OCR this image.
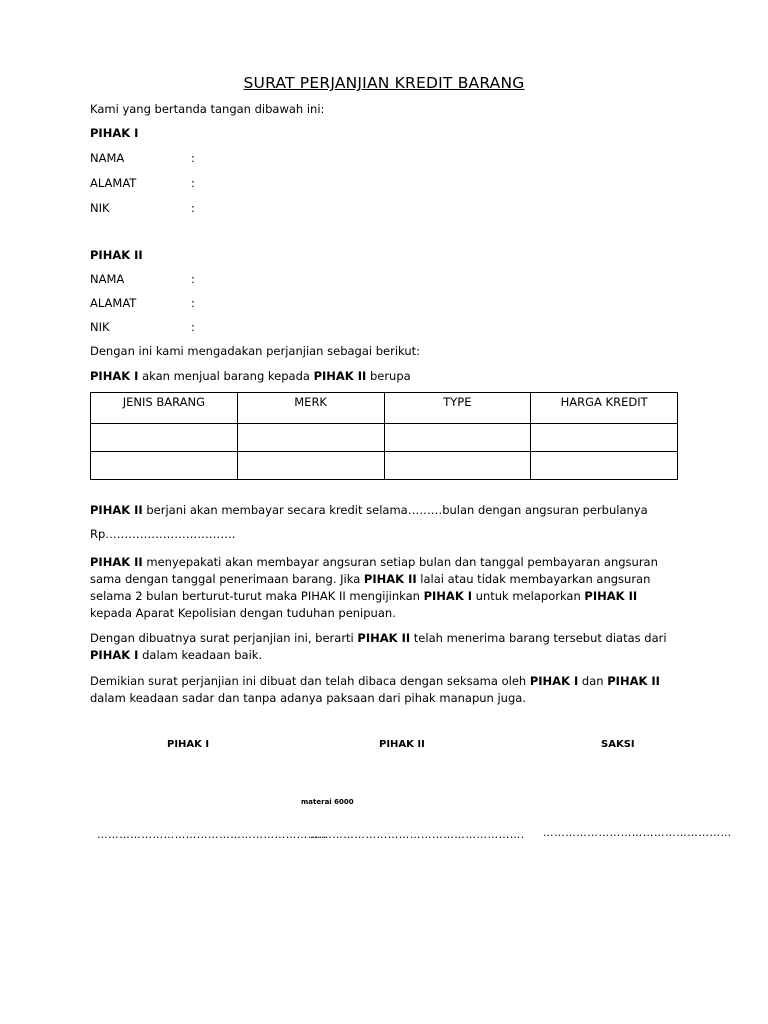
SURAT PERJANJIAN KREDIT BARANG
Kami yang bertanda tangan dibawah ini:
PIHAK I
NAMA	:
ALAMAT	:
NIK	:
PIHAK II
NAMA	:
ALAMAT	:
NIK	:
Dengan ini kami mengadakan perjanjian sebagai berikut:
PIHAK I akan menjual barang kepada PIHAK II berupa
JENIS BARANG	MERK	TYPE	HARGA KREDIT

PIHAK II berjani akan membayar secara kredit selama………bulan dengan angsuran perbulanya
Rp…………………………….
PIHAK II menyepakati akan membayar angsuran setiap bulan dan tanggal pembayaran angsuran sama dengan tanggal penerimaan barang. Jika PIHAK II lalai atau tidak membayarkan angsuran selama 2 bulan berturut-turut maka PIHAK II mengijinkan PIHAK I untuk melaporkan PIHAK II kepada Aparat Kepolisian dengan tuduhan penipuan.
Dengan dibuatnya surat perjanjian ini, berarti PIHAK II telah menerima barang tersebut diatas dari PIHAK I dalam keadaan baik.
Demikian surat perjanjian ini dibuat dan telah dibaca dengan seksama oleh PIHAK I dan PIHAK II dalam keadaan sadar dan tanpa adanya paksaan dari pihak manapun juga.
PIHAK I	PIHAK II	SAKSI
materai 6000
……………………………………………………..
…………………………………………………. ……………………………………………
